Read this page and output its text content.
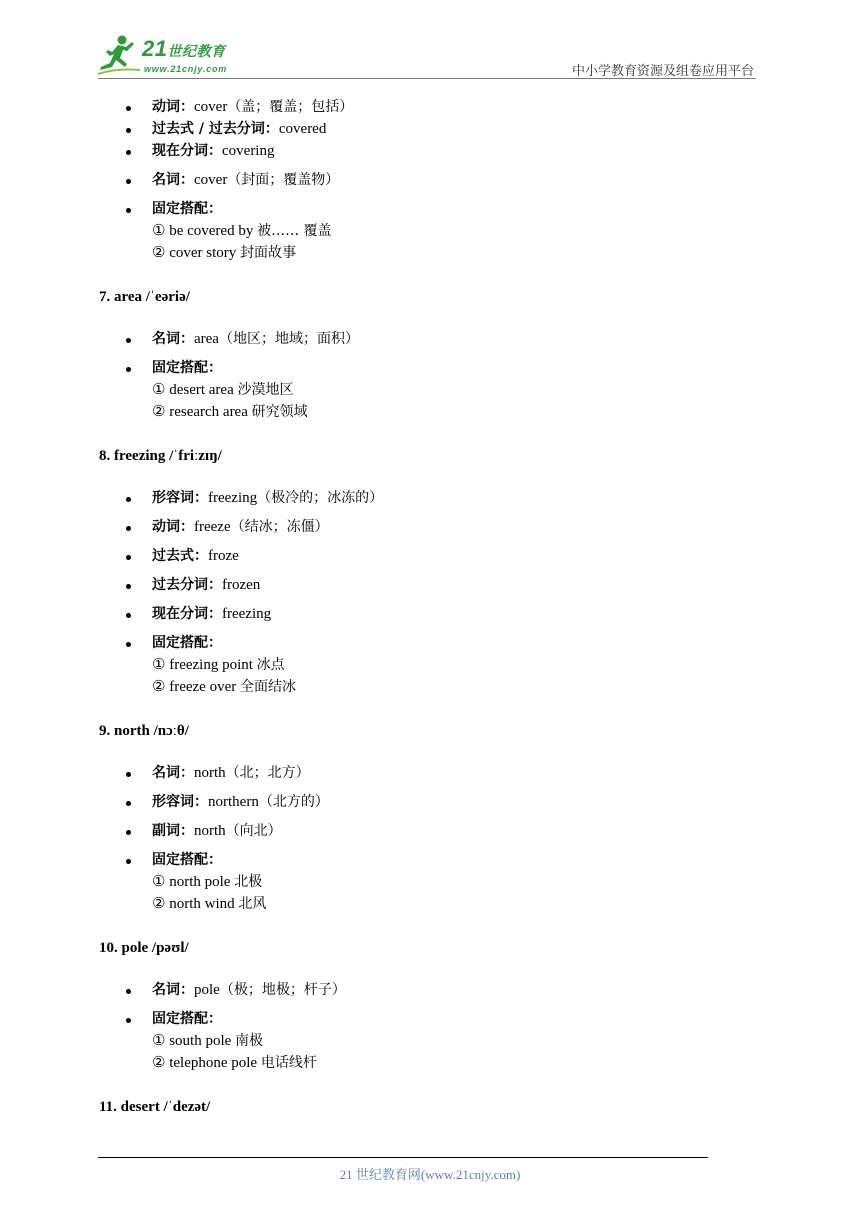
21世纪教育
www.21cnjy.com	中小学教育资源及组卷应用平台
动词：cover（盖；覆盖；包括）
过去式 / 过去分词：covered
现在分词：covering
名词：cover（封面；覆盖物）
固定搭配：
① be covered by 被…… 覆盖
② cover story 封面故事

7. area /ˈeəriə/

名词：area（地区；地域；面积）
固定搭配：
① desert area 沙漠地区
② research area 研究领域

8. freezing /ˈfriːzɪŋ/

形容词：freezing（极冷的；冰冻的）
动词：freeze（结冰；冻僵）
过去式：froze
过去分词：frozen
现在分词：freezing
固定搭配：
① freezing point 冰点
② freeze over 全面结冰

9. north /nɔːθ/

名词：north（北；北方）
形容词：northern（北方的）
副词：north（向北）
固定搭配：
① north pole 北极
② north wind 北风

10. pole /pəʊl/

名词：pole（极；地极；杆子）
固定搭配：
① south pole 南极
② telephone pole 电话线杆

11. desert /ˈdezət/

21 世纪教育网(www.21cnjy.com)
